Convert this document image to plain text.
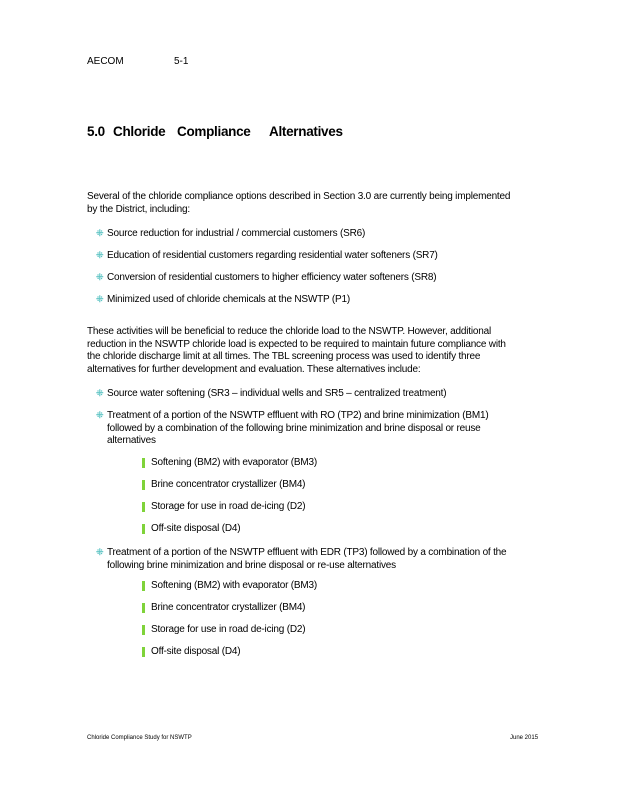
AECOM	5-1
5.0 Chloride Compliance	Alternatives
Several of the chloride compliance options described in Section 3.0 are currently being implemented
by the District, including:
⁜ Source reduction for industrial / commercial customers (SR6)
⁜ Education of residential customers regarding residential water softeners (SR7)
⁜ Conversion of residential customers to higher efficiency water softeners (SR8)
⁜ Minimized used of chloride chemicals at the NSWTP (P1)
These activities will be beneficial to reduce the chloride load to the NSWTP. However, additional
reduction in the NSWTP chloride load is expected to be required to maintain future compliance with
the chloride discharge limit at all times. The TBL screening process was used to identify three
alternatives for further development and evaluation. These alternatives include:
⁜ Source water softening (SR3 – individual wells and SR5 – centralized treatment)
⁜ Treatment of a portion of the NSWTP effluent with RO (TP2) and brine minimization (BM1)
followed by a combination of the following brine minimization and brine disposal or reuse
alternatives
Softening (BM2) with evaporator (BM3)
Brine concentrator crystallizer (BM4)
Storage for use in road de-icing (D2)
Off-site disposal (D4)
⁜ Treatment of a portion of the NSWTP effluent with EDR (TP3) followed by a combination of the
following brine minimization and brine disposal or re-use alternatives
Softening (BM2) with evaporator (BM3)
Brine concentrator crystallizer (BM4)
Storage for use in road de-icing (D2)
Off-site disposal (D4)
Chloride Compliance Study for NSWTP	June 2015
